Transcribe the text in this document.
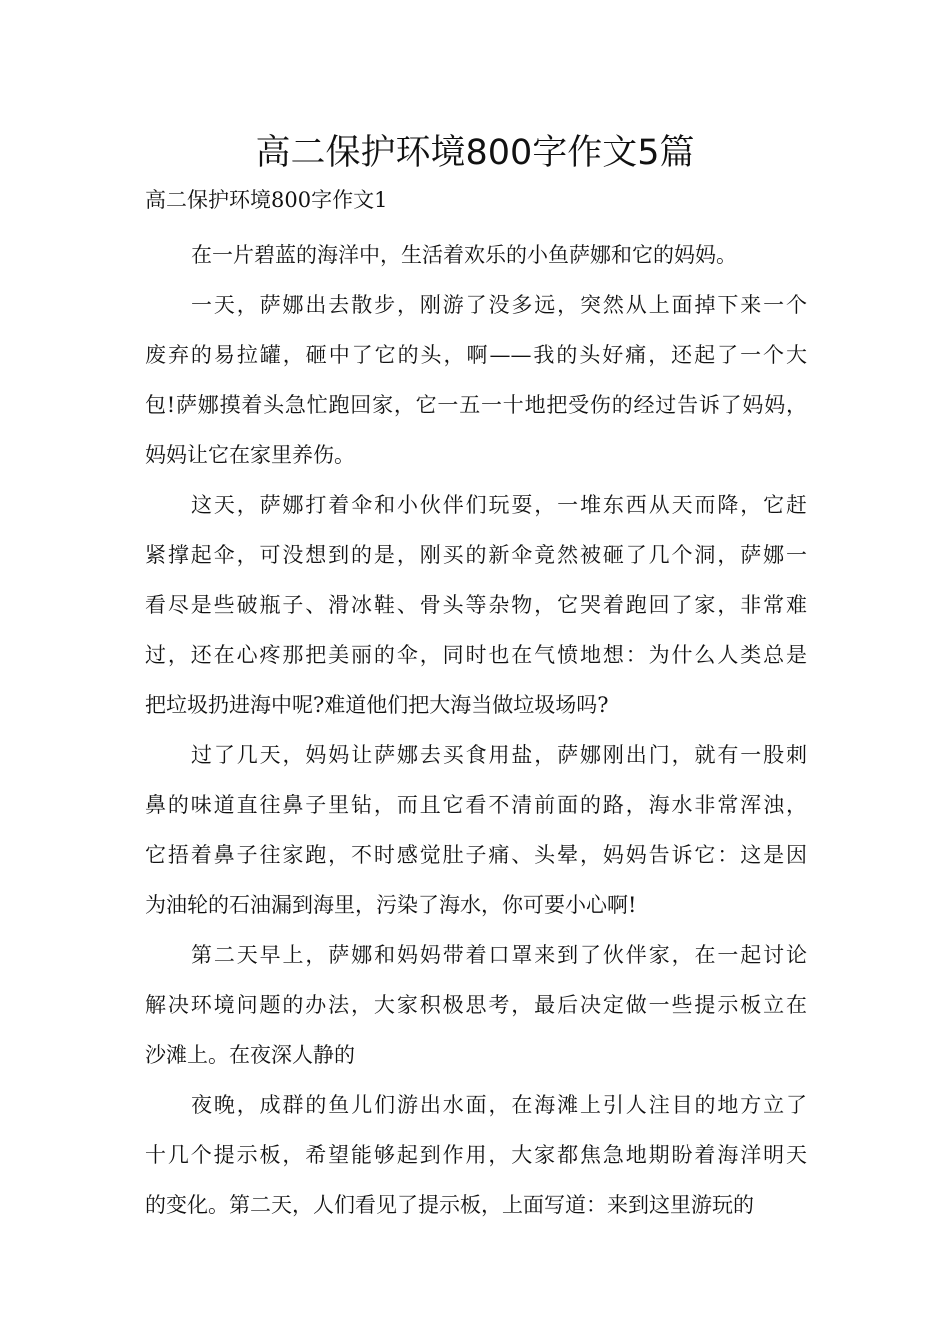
高二保护环境800字作文5篇

高二保护环境800字作文1

在一片碧蓝的海洋中，生活着欢乐的小鱼萨娜和它的妈妈。
一天，萨娜出去散步，刚游了没多远，突然从上面掉下来一个
废弃的易拉罐，砸中了它的头，啊——我的头好痛，还起了一个大
包!萨娜摸着头急忙跑回家，它一五一十地把受伤的经过告诉了妈妈，
妈妈让它在家里养伤。
这天，萨娜打着伞和小伙伴们玩耍，一堆东西从天而降，它赶
紧撑起伞，可没想到的是，刚买的新伞竟然被砸了几个洞，萨娜一
看尽是些破瓶子、滑冰鞋、骨头等杂物，它哭着跑回了家，非常难
过，还在心疼那把美丽的伞，同时也在气愤地想：为什么人类总是
把垃圾扔进海中呢?难道他们把大海当做垃圾场吗?
过了几天，妈妈让萨娜去买食用盐，萨娜刚出门，就有一股刺
鼻的味道直往鼻子里钻，而且它看不清前面的路，海水非常浑浊，
它捂着鼻子往家跑，不时感觉肚子痛、头晕，妈妈告诉它：这是因
为油轮的石油漏到海里，污染了海水，你可要小心啊!
第二天早上，萨娜和妈妈带着口罩来到了伙伴家，在一起讨论
解决环境问题的办法，大家积极思考，最后决定做一些提示板立在
沙滩上。在夜深人静的
夜晚，成群的鱼儿们游出水面，在海滩上引人注目的地方立了
十几个提示板，希望能够起到作用，大家都焦急地期盼着海洋明天
的变化。第二天，人们看见了提示板，上面写道：来到这里游玩的
